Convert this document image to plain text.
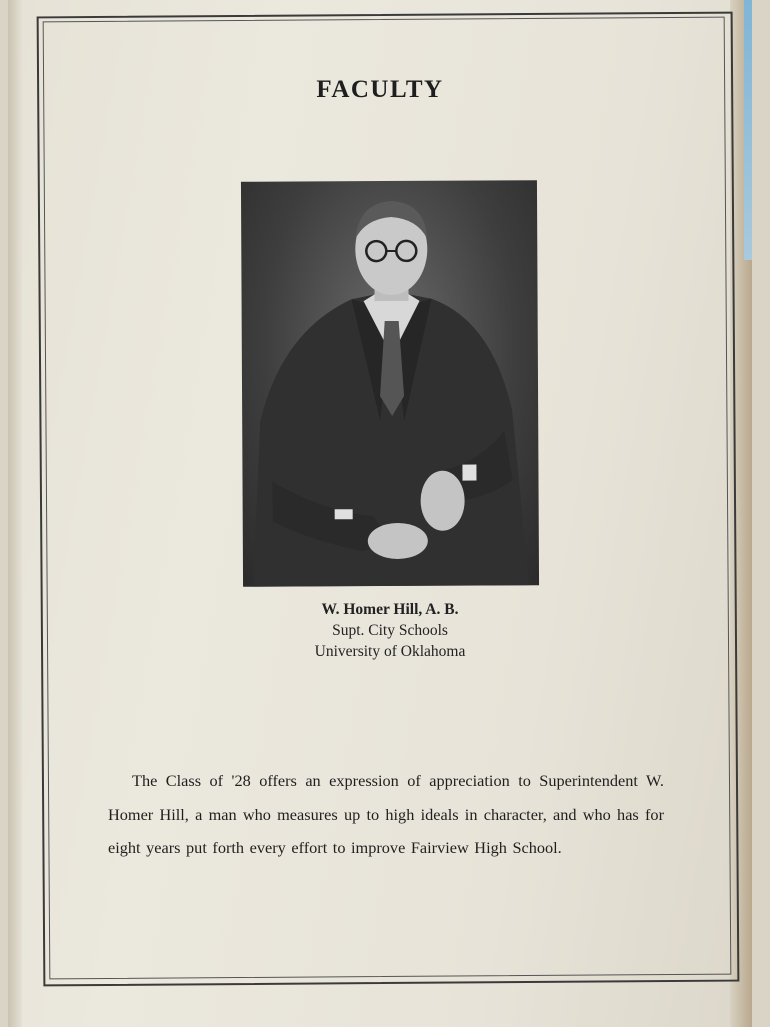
FACULTY
W. Homer Hill, A. B.
Supt. City Schools
University of Oklahoma
The Class of '28 offers an expression of appreciation to Superintendent W. Homer Hill, a man who measures up to high ideals in character, and who has for eight years put forth every effort to improve Fairview High School.
